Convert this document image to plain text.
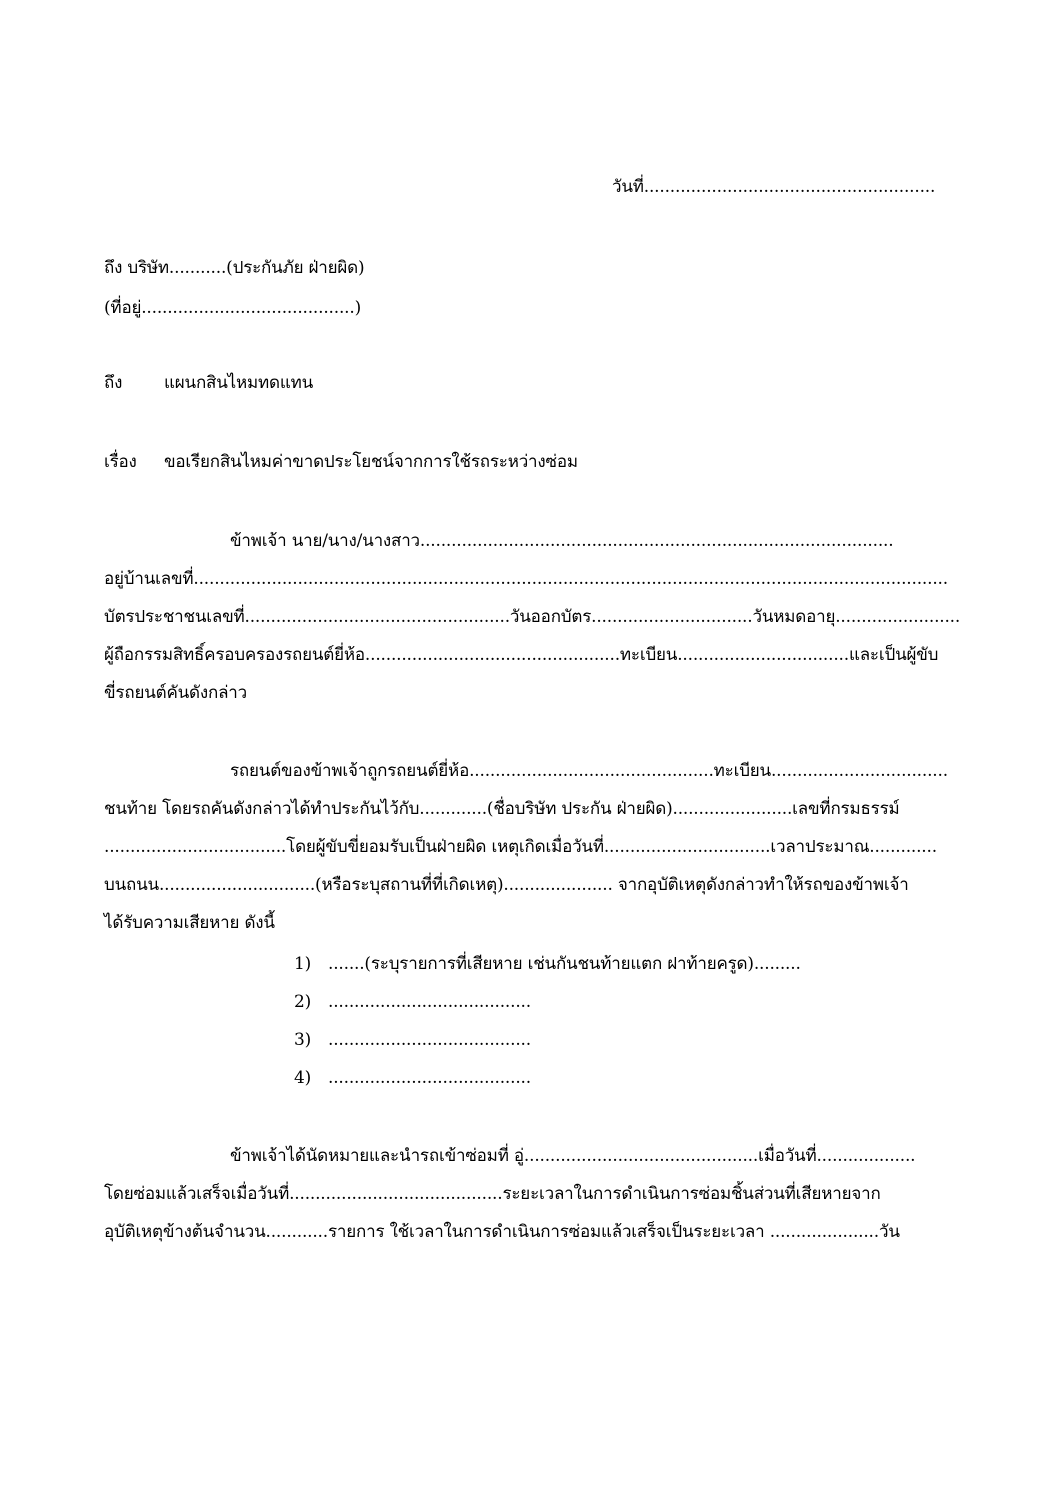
วันที่........................................................
ถึง บริษัท...........(ประกันภัย ฝ่ายผิด)
(ที่อยู่.........................................)
ถึง แผนกสินไหมทดแทน
เรื่อง ขอเรียกสินไหมค่าขาดประโยชน์จากการใช้รถระหว่างซ่อม
ข้าพเจ้า นาย/นาง/นางสาว...........................................................................................
อยู่บ้านเลขที่.................................................................................................................................................
บัตรประชาชนเลขที่...................................................วันออกบัตร...............................วันหมดอายุ........................
ผู้ถือกรรมสิทธิ์ครอบครองรถยนต์ยี่ห้อ.................................................ทะเบียน.................................และเป็นผู้ขับ
ขี่รถยนต์คันดังกล่าว
รถยนต์ของข้าพเจ้าถูกรถยนต์ยี่ห้อ...............................................ทะเบียน..................................
ชนท้าย โดยรถคันดังกล่าวได้ทำประกันไว้กับ.............(ชื่อบริษัท ประกัน ฝ่ายผิด).......................เลขที่กรมธรรม์
...................................โดยผู้ขับขี่ยอมรับเป็นฝ่ายผิด เหตุเกิดเมื่อวันที่................................เวลาประมาณ.............
บนถนน..............................(หรือระบุสถานที่ที่เกิดเหตุ)..................... จากอุบัติเหตุดังกล่าวทำให้รถของข้าพเจ้า
ได้รับความเสียหาย ดังนี้
1) .......(ระบุรายการที่เสียหาย เช่นกันชนท้ายแตก ฝาท้ายครูด).........
2) .......................................
3) .......................................
4) .......................................
ข้าพเจ้าได้นัดหมายและนำรถเข้าซ่อมที่ อู่.............................................เมื่อวันที่...................
โดยซ่อมแล้วเสร็จเมื่อวันที่.........................................ระยะเวลาในการดำเนินการซ่อมชิ้นส่วนที่เสียหายจาก
อุบัติเหตุข้างต้นจำนวน............รายการ ใช้เวลาในการดำเนินการซ่อมแล้วเสร็จเป็นระยะเวลา .....................วัน
